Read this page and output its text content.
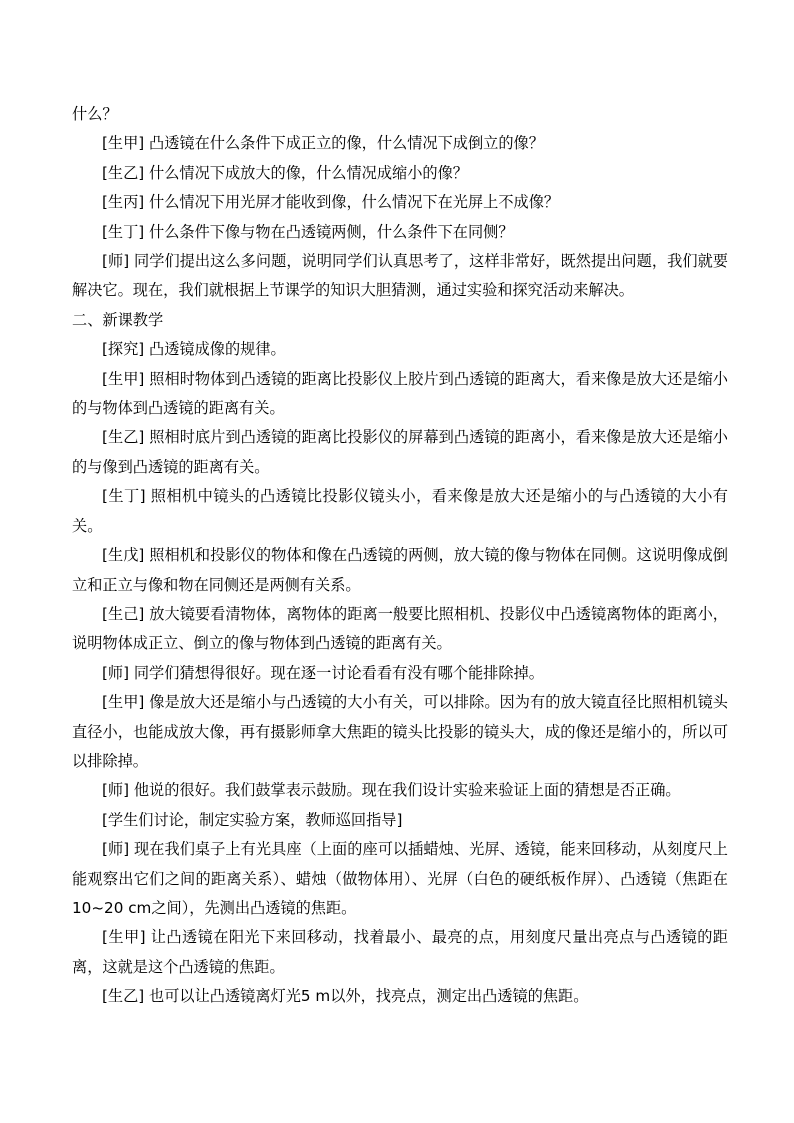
什么？

[生甲] 凸透镜在什么条件下成正立的像，什么情况下成倒立的像？

[生乙] 什么情况下成放大的像，什么情况成缩小的像？

[生丙] 什么情况下用光屏才能收到像，什么情况下在光屏上不成像？

[生丁] 什么条件下像与物在凸透镜两侧，什么条件下在同侧？

[师] 同学们提出这么多问题，说明同学们认真思考了，这样非常好，既然提出问题，我们就要解决它。现在，我们就根据上节课学的知识大胆猜测，通过实验和探究活动来解决。

二、新课教学

[探究] 凸透镜成像的规律。

[生甲] 照相时物体到凸透镜的距离比投影仪上胶片到凸透镜的距离大，看来像是放大还是缩小的与物体到凸透镜的距离有关。

[生乙] 照相时底片到凸透镜的距离比投影仪的屏幕到凸透镜的距离小，看来像是放大还是缩小的与像到凸透镜的距离有关。

[生丁] 照相机中镜头的凸透镜比投影仪镜头小，看来像是放大还是缩小的与凸透镜的大小有关。

[生戊] 照相机和投影仪的物体和像在凸透镜的两侧，放大镜的像与物体在同侧。这说明像成倒立和正立与像和物在同侧还是两侧有关系。

[生己] 放大镜要看清物体，离物体的距离一般要比照相机、投影仪中凸透镜离物体的距离小，说明物体成正立、倒立的像与物体到凸透镜的距离有关。

[师] 同学们猜想得很好。现在逐一讨论看看有没有哪个能排除掉。

[生甲] 像是放大还是缩小与凸透镜的大小有关，可以排除。因为有的放大镜直径比照相机镜头直径小，也能成放大像，再有摄影师拿大焦距的镜头比投影的镜头大，成的像还是缩小的，所以可以排除掉。

[师] 他说的很好。我们鼓掌表示鼓励。现在我们设计实验来验证上面的猜想是否正确。

[学生们讨论，制定实验方案，教师巡回指导]

[师] 现在我们桌子上有光具座（上面的座可以插蜡烛、光屏、透镜，能来回移动，从刻度尺上能观察出它们之间的距离关系）、蜡烛（做物体用）、光屏（白色的硬纸板作屏）、凸透镜（焦距在10~20 cm之间），先测出凸透镜的焦距。

[生甲] 让凸透镜在阳光下来回移动，找着最小、最亮的点，用刻度尺量出亮点与凸透镜的距离，这就是这个凸透镜的焦距。

[生乙] 也可以让凸透镜离灯光5 m以外，找亮点，测定出凸透镜的焦距。
